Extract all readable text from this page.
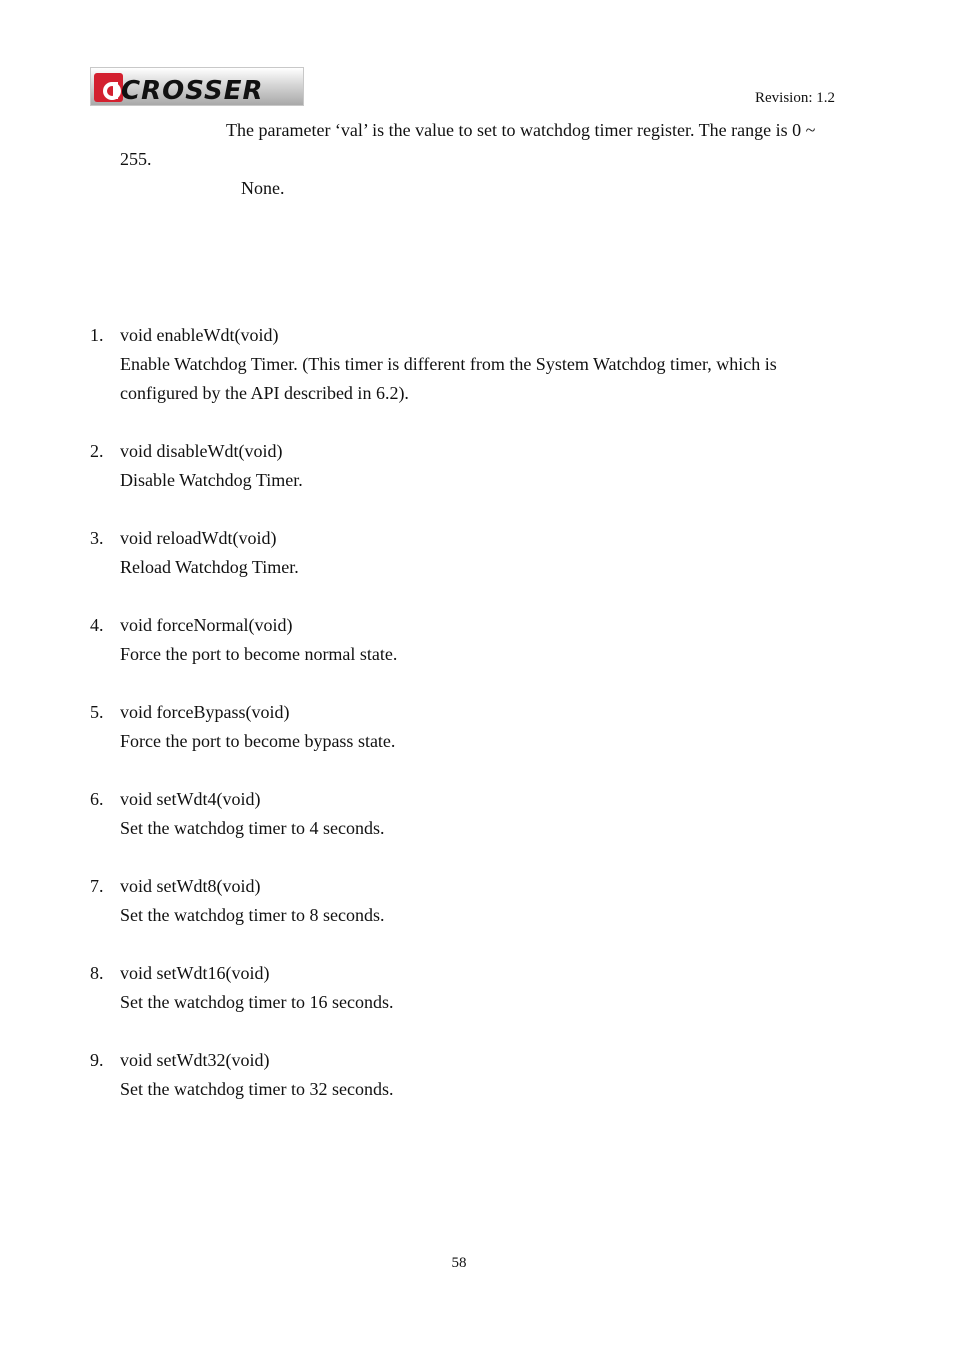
CROSSER	Revision: 1.2
The parameter ‘val’ is the value to set to watchdog timer register. The range is 0 ~
255.
None.
1. void enableWdt(void)
Enable Watchdog Timer. (This timer is different from the System Watchdog timer, which is
configured by the API described in 6.2).
2. void disableWdt(void)
Disable Watchdog Timer.
3. void reloadWdt(void)
Reload Watchdog Timer.
4. void forceNormal(void)
Force the port to become normal state.
5. void forceBypass(void)
Force the port to become bypass state.
6. void setWdt4(void)
Set the watchdog timer to 4 seconds.
7. void setWdt8(void)
Set the watchdog timer to 8 seconds.
8. void setWdt16(void)
Set the watchdog timer to 16 seconds.
9. void setWdt32(void)
Set the watchdog timer to 32 seconds.
58
